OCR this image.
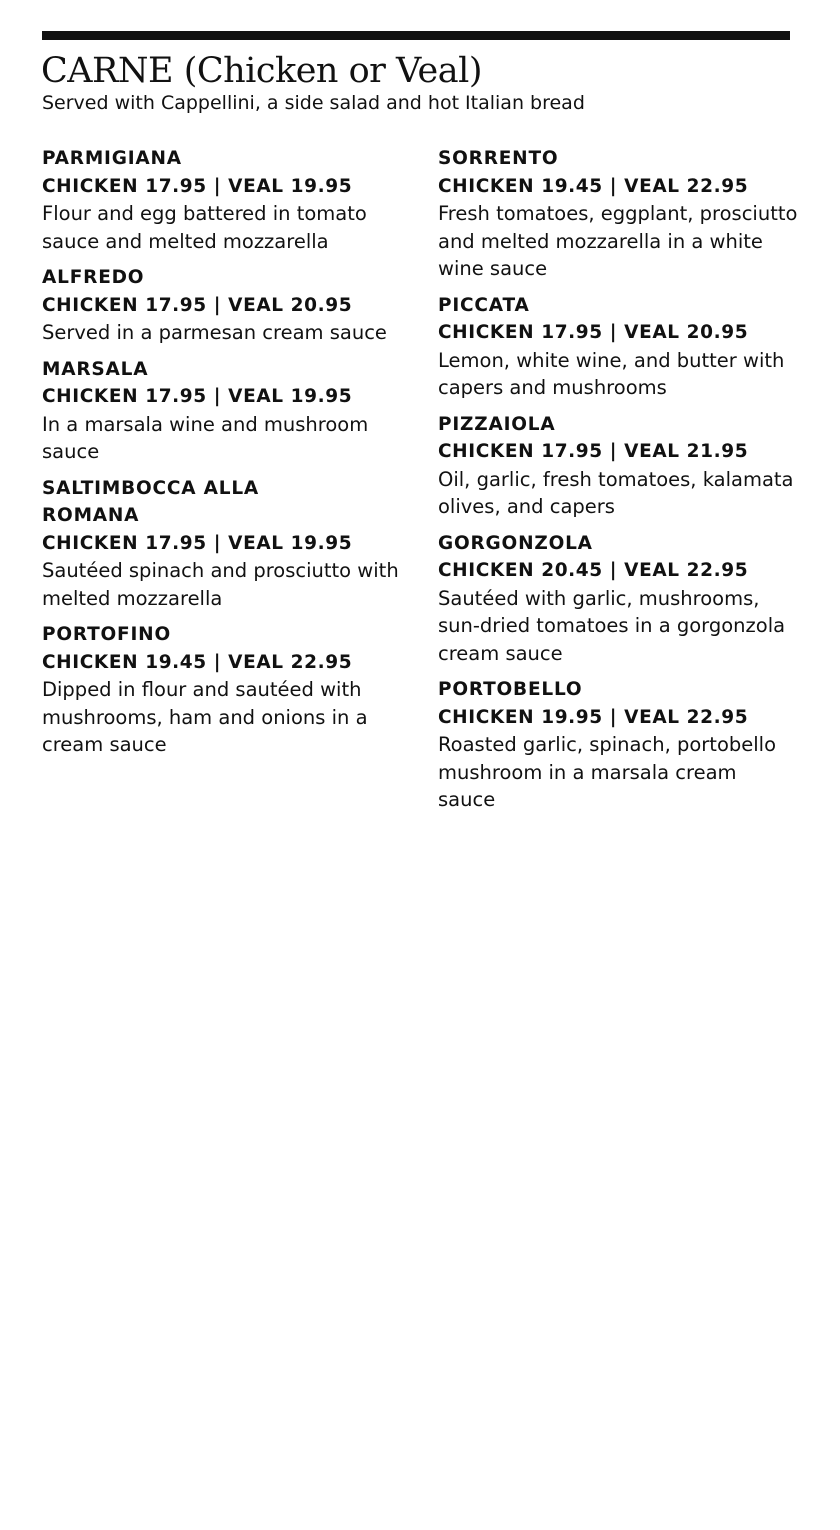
CARNE (Chicken or Veal)

Served with Cappellini, a side salad and hot Italian bread

PARMIGIANA
CHICKEN 17.95 | VEAL 19.95
Flour and egg battered in tomato sauce and melted mozzarella
ALFREDO
CHICKEN 17.95 | VEAL 20.95
Served in a parmesan cream sauce
MARSALA
CHICKEN 17.95 | VEAL 19.95
In a marsala wine and mushroom sauce
SALTIMBOCCA ALLA ROMANA
CHICKEN 17.95 | VEAL 19.95
Sautéed spinach and prosciutto with melted mozzarella
PORTOFINO
CHICKEN 19.45 | VEAL 22.95
Dipped in flour and sautéed with mushrooms, ham and onions in a cream sauce
SORRENTO
CHICKEN 19.45 | VEAL 22.95
Fresh tomatoes, eggplant, prosciutto and melted mozzarella in a white wine sauce
PICCATA
CHICKEN 17.95 | VEAL 20.95
Lemon, white wine, and butter with capers and mushrooms
PIZZAIOLA
CHICKEN 17.95 | VEAL 21.95
Oil, garlic, fresh tomatoes, kalamata olives, and capers
GORGONZOLA
CHICKEN 20.45 | VEAL 22.95
Sautéed with garlic, mushrooms, sun-dried tomatoes in a gorgonzola cream sauce
PORTOBELLO
CHICKEN 19.95 | VEAL 22.95
Roasted garlic, spinach, portobello mushroom in a marsala cream sauce
